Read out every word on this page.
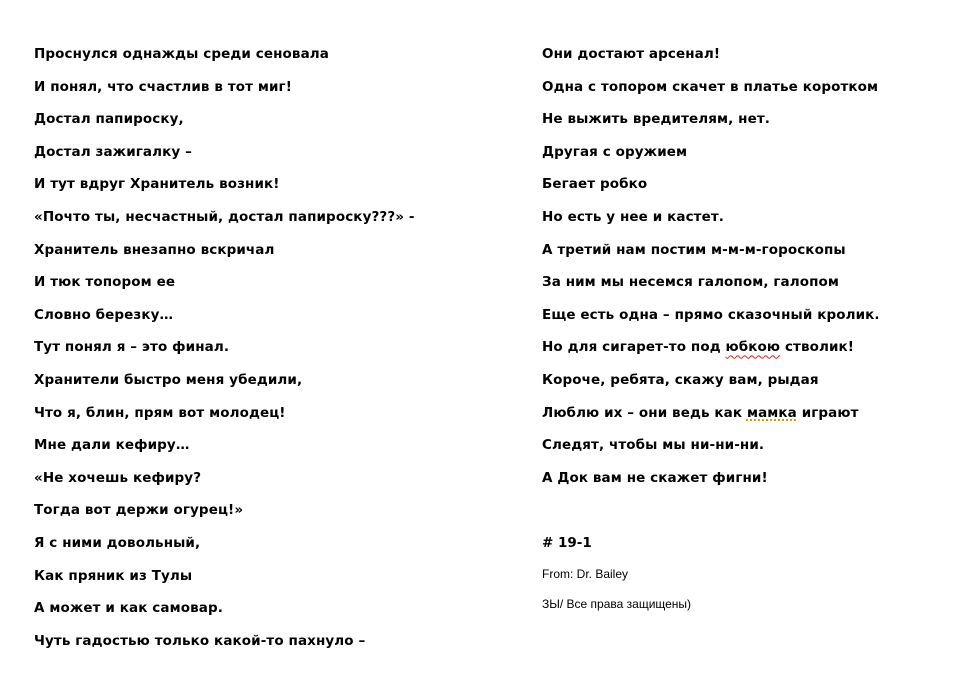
Проснулся однажды среди сеновала
И понял, что счастлив в тот миг!
Достал папироску,
Достал зажигалку –
И тут вдруг Хранитель возник!
«Почто ты, несчастный, достал папироску???» -
Хранитель внезапно вскричал
И тюк топором ее
Словно березку…
Тут понял я – это финал.
Хранители быстро меня убедили,
Что я, блин, прям вот молодец!
Мне дали кефиру…
«Не хочешь кефиру?
Тогда вот держи огурец!»
Я с ними довольный,
Как пряник из Тулы
А может и как самовар.
Чуть гадостью только какой-то пахнуло –
Они достают арсенал!
Одна с топором скачет в платье коротком
Не выжить вредителям, нет.
Другая с оружием
Бегает робко
Но есть у нее и кастет.
А третий нам постим м-м-м-гороскопы
За ним мы несемся галопом, галопом
Еще есть одна – прямо сказочный кролик.
Но для сигарет-то под юбкою стволик!
Короче, ребята, скажу вам, рыдая
Люблю их – они ведь как мамка играют
Следят, чтобы мы ни-ни-ни.
А Док вам не скажет фигни!
# 19-1
From: Dr. Bailey
ЗЫ/ Все права защищены)
